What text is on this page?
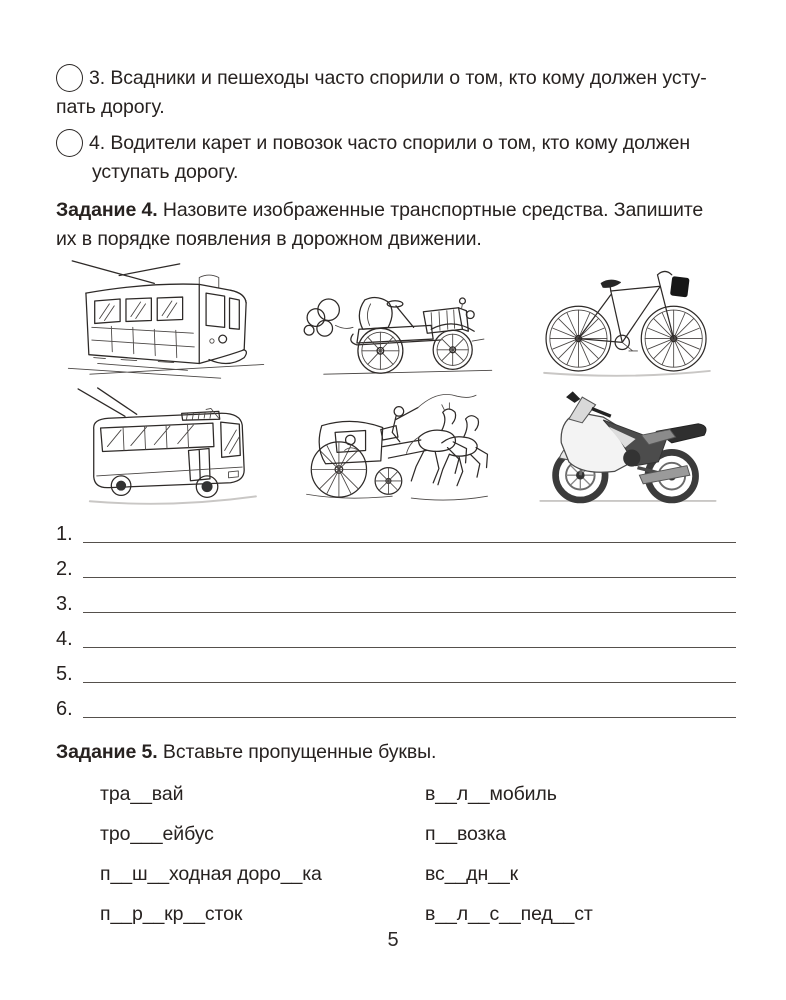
3. Всадники и пешеходы часто спорили о том, кто кому должен усту-
пать дорогу.
4. Водители карет и повозок часто спорили о том, кто кому должен
уступать дорогу.
Задание 4. Назовите изображенные транспортные средства. Запишите
их в порядке появления в дорожном движении.
1.
2.
3.
4.
5.
6.
Задание 5. Вставьте пропущенные буквы.
тра__вай
тро___ейбус
п__ш__ходная доро__ка
п__р__кр__сток
в__л__мобиль
п__возка
вс__дн__к
в__л__с__пед__ст
5
